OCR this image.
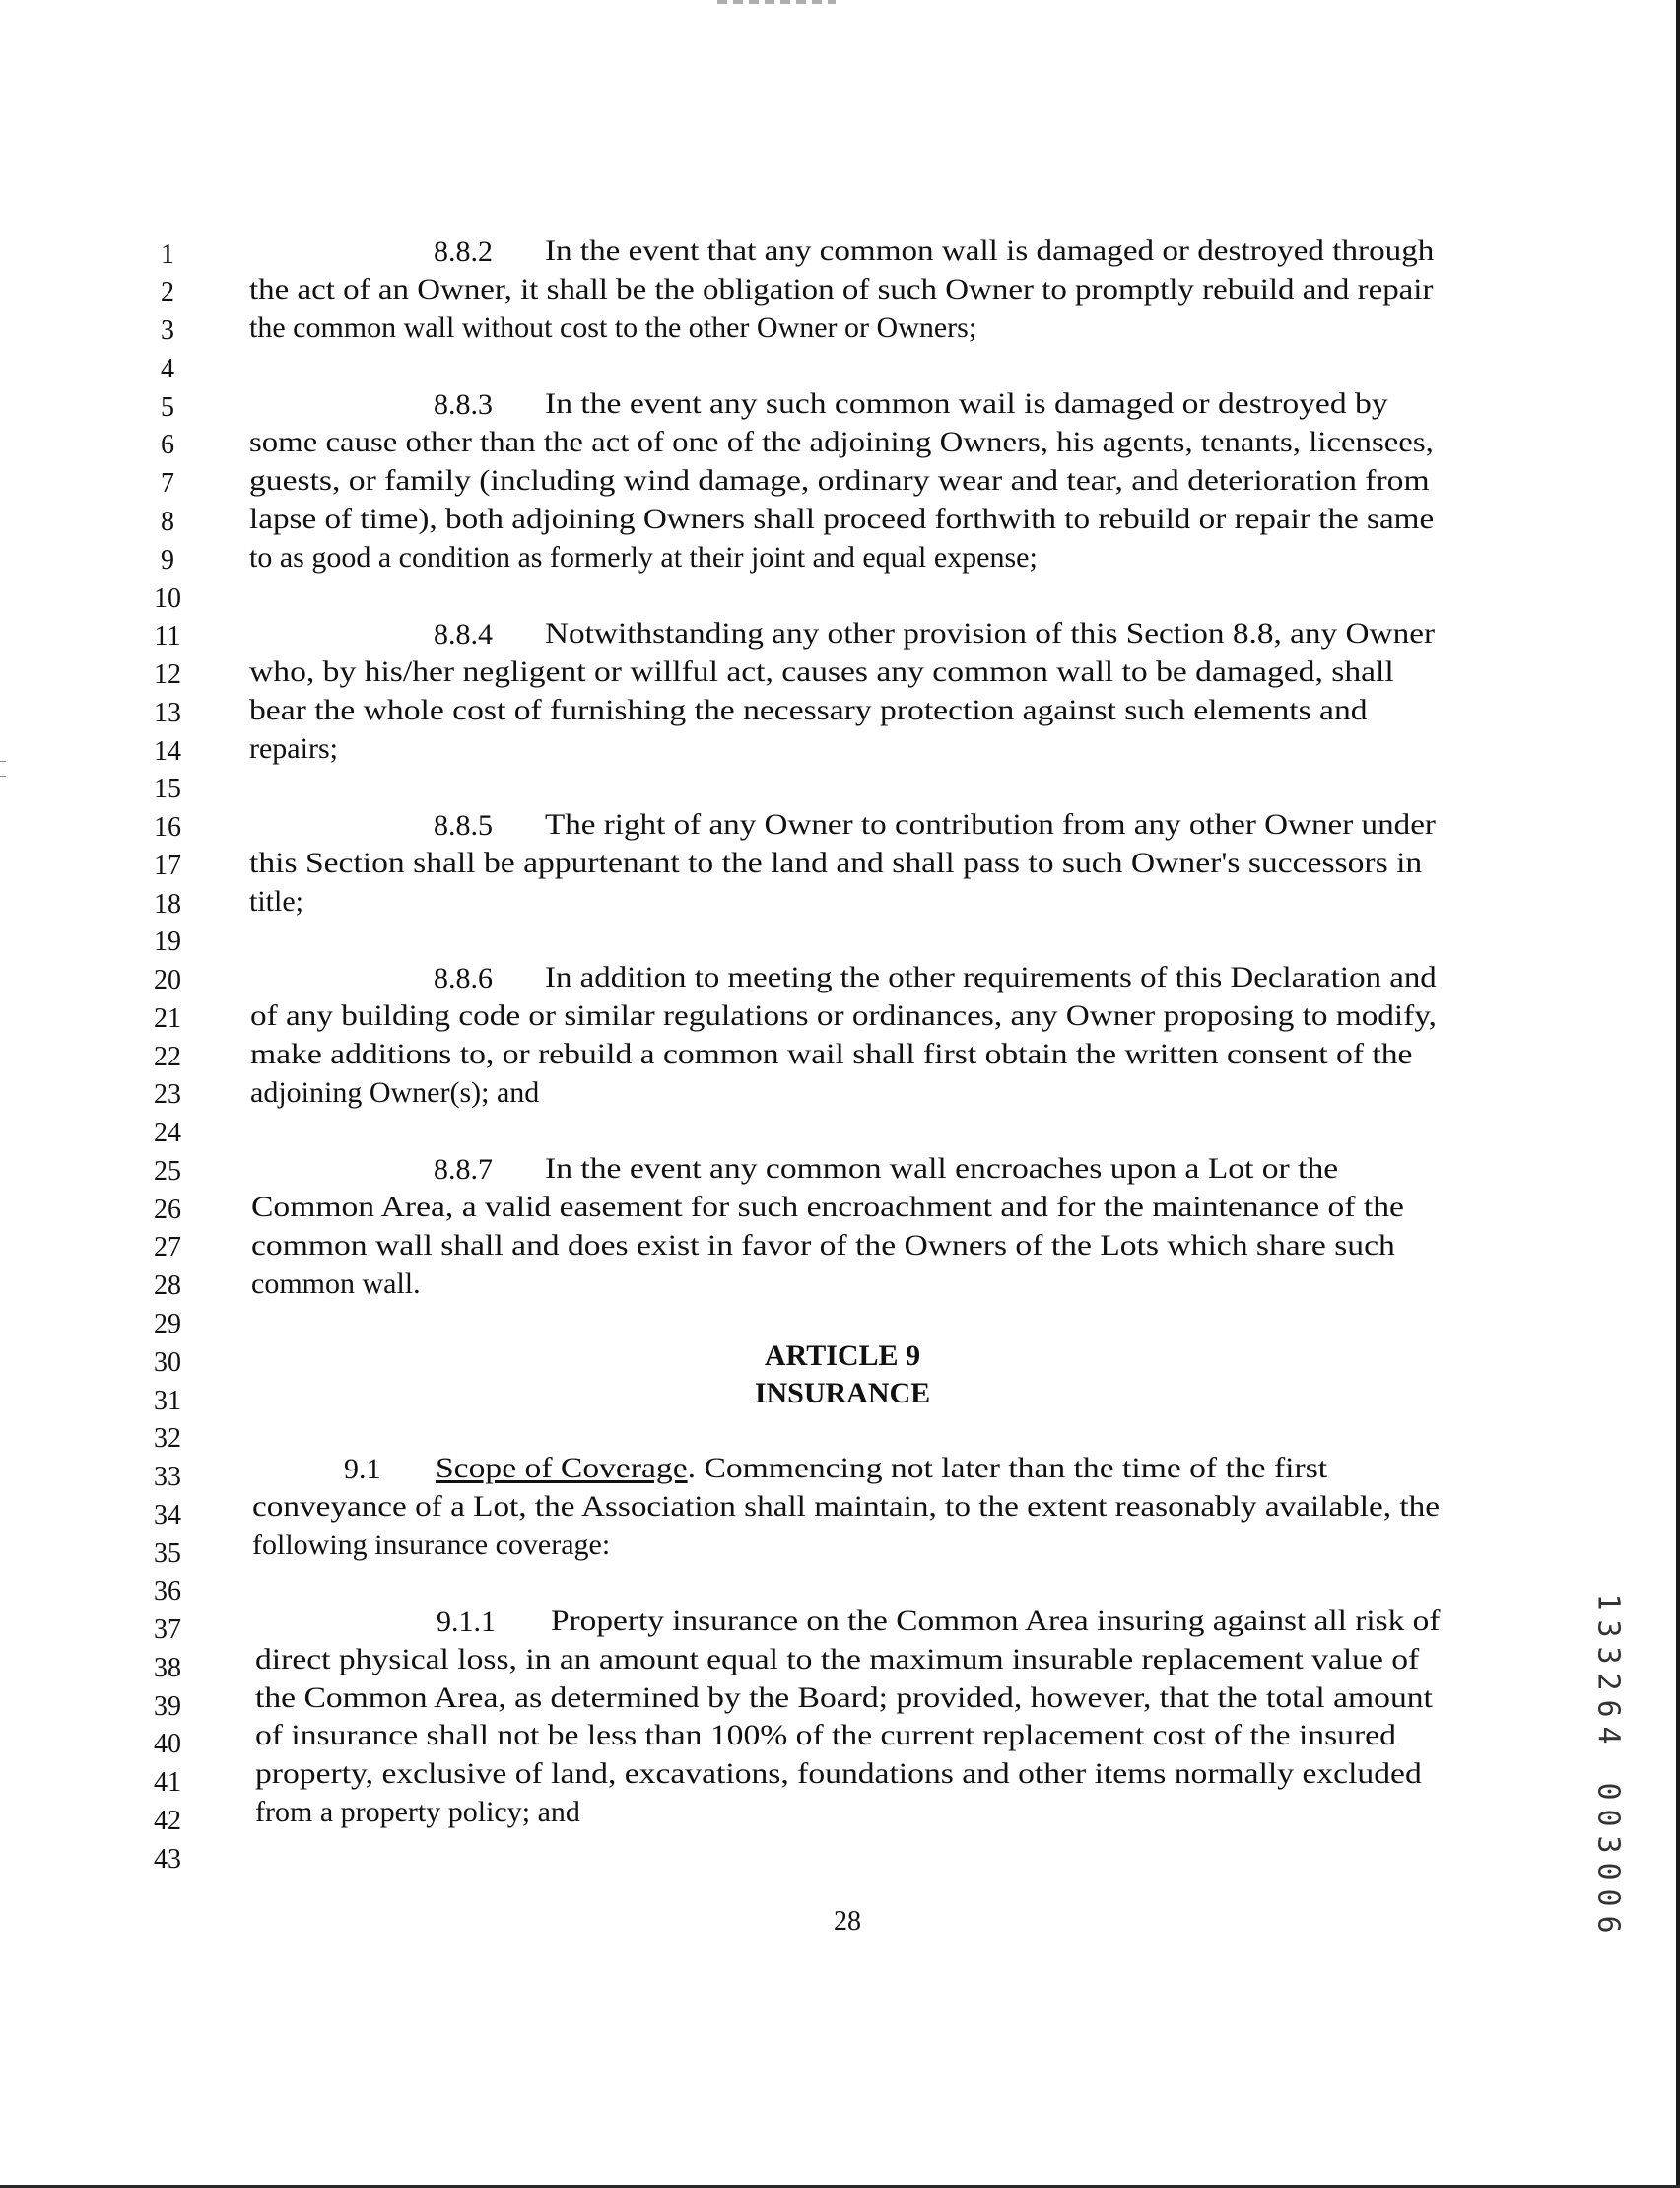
1
2
3
4
5
6
7
8
9
10
11
12
13
14
15
16
17
18
19
20
21
22
23
24
25
26
27
28
29
30
31
32
33
34
35
36
37
38
39
40
41
42
43
8.8.2 In the event that any common wall is damaged or destroyed through
the act of an Owner, it shall be the obligation of such Owner to promptly rebuild and repair
the common wall without cost to the other Owner or Owners;
8.8.3 In the event any such common wail is damaged or destroyed by
some cause other than the act of one of the adjoining Owners, his agents, tenants, licensees,
guests, or family (including wind damage, ordinary wear and tear, and deterioration from
lapse of time), both adjoining Owners shall proceed forthwith to rebuild or repair the same
to as good a condition as formerly at their joint and equal expense;
8.8.4 Notwithstanding any other provision of this Section 8.8, any Owner
who, by his/her negligent or willful act, causes any common wall to be damaged, shall
bear the whole cost of furnishing the necessary protection against such elements and
repairs;
8.8.5 The right of any Owner to contribution from any other Owner under
this Section shall be appurtenant to the land and shall pass to such Owner's successors in
title;
8.8.6 In addition to meeting the other requirements of this Declaration and
of any building code or similar regulations or ordinances, any Owner proposing to modify,
make additions to, or rebuild a common wail shall first obtain the written consent of the
adjoining Owner(s); and
8.8.7 In the event any common wall encroaches upon a Lot or the
Common Area, a valid easement for such encroachment and for the maintenance of the
common wall shall and does exist in favor of the Owners of the Lots which share such
common wall.
ARTICLE 9
INSURANCE
9.1 Scope of Coverage. Commencing not later than the time of the first
conveyance of a Lot, the Association shall maintain, to the extent reasonably available, the
following insurance coverage:
9.1.1 Property insurance on the Common Area insuring against all risk of
direct physical loss, in an amount equal to the maximum insurable replacement value of
the Common Area, as determined by the Board; provided, however, that the total amount
of insurance shall not be less than 100% of the current replacement cost of the insured
property, exclusive of land, excavations, foundations and other items normally excluded
from a property policy; and
28
1
3
3
2
6
4
0
0
3
0
0
6
